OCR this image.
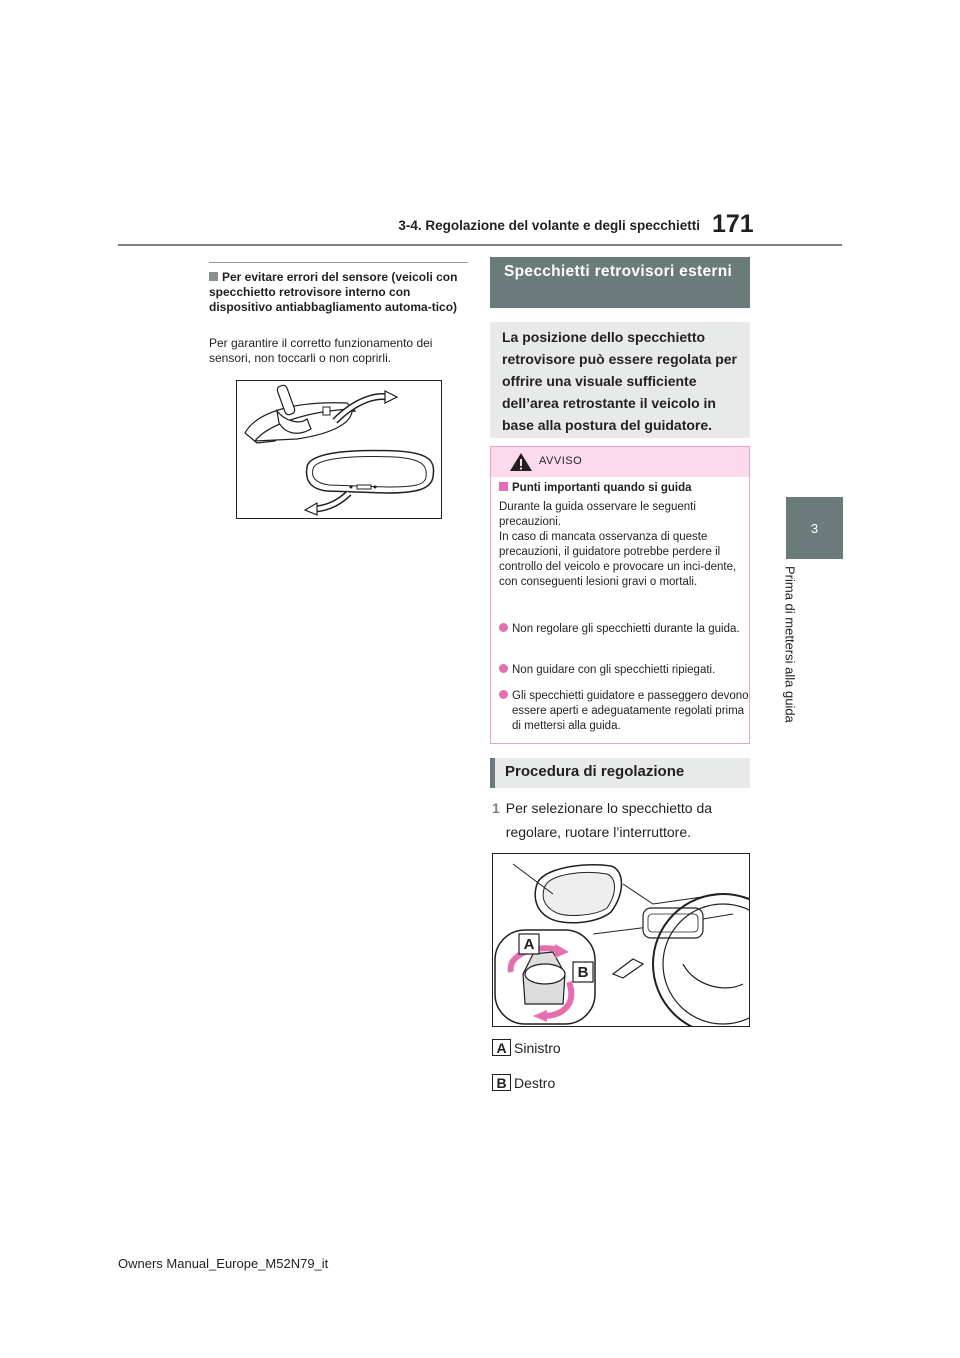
3-4. Regolazione del volante e degli specchietti 171
3
Prima di mettersi alla guida
Per evitare errori del sensore (veicoli con specchietto retrovisore interno con dispositivo antiabbagliamento automa-tico)
Per garantire il corretto funzionamento dei sensori, non toccarli o non coprirli.
Specchietti retrovisori esterni
La posizione dello specchietto retrovisore può essere regolata per offrire una visuale sufficiente dell’area retrostante il veicolo in base alla postura del guidatore.
AVVISO
Punti importanti quando si guida
Durante la guida osservare le seguenti precauzioni.
In caso di mancata osservanza di queste precauzioni, il guidatore potrebbe perdere il controllo del veicolo e provocare un inci-dente, con conseguenti lesioni gravi o mortali.
Non regolare gli specchietti durante la guida.
Non guidare con gli specchietti ripiegati.
Gli specchietti guidatore e passeggero devono essere aperti e adeguatamente regolati prima di mettersi alla guida.
Procedura di regolazione
1 Per selezionare lo specchietto da regolare, ruotare l’interruttore.
A
B
A Sinistro
B Destro
Owners Manual_Europe_M52N79_it
